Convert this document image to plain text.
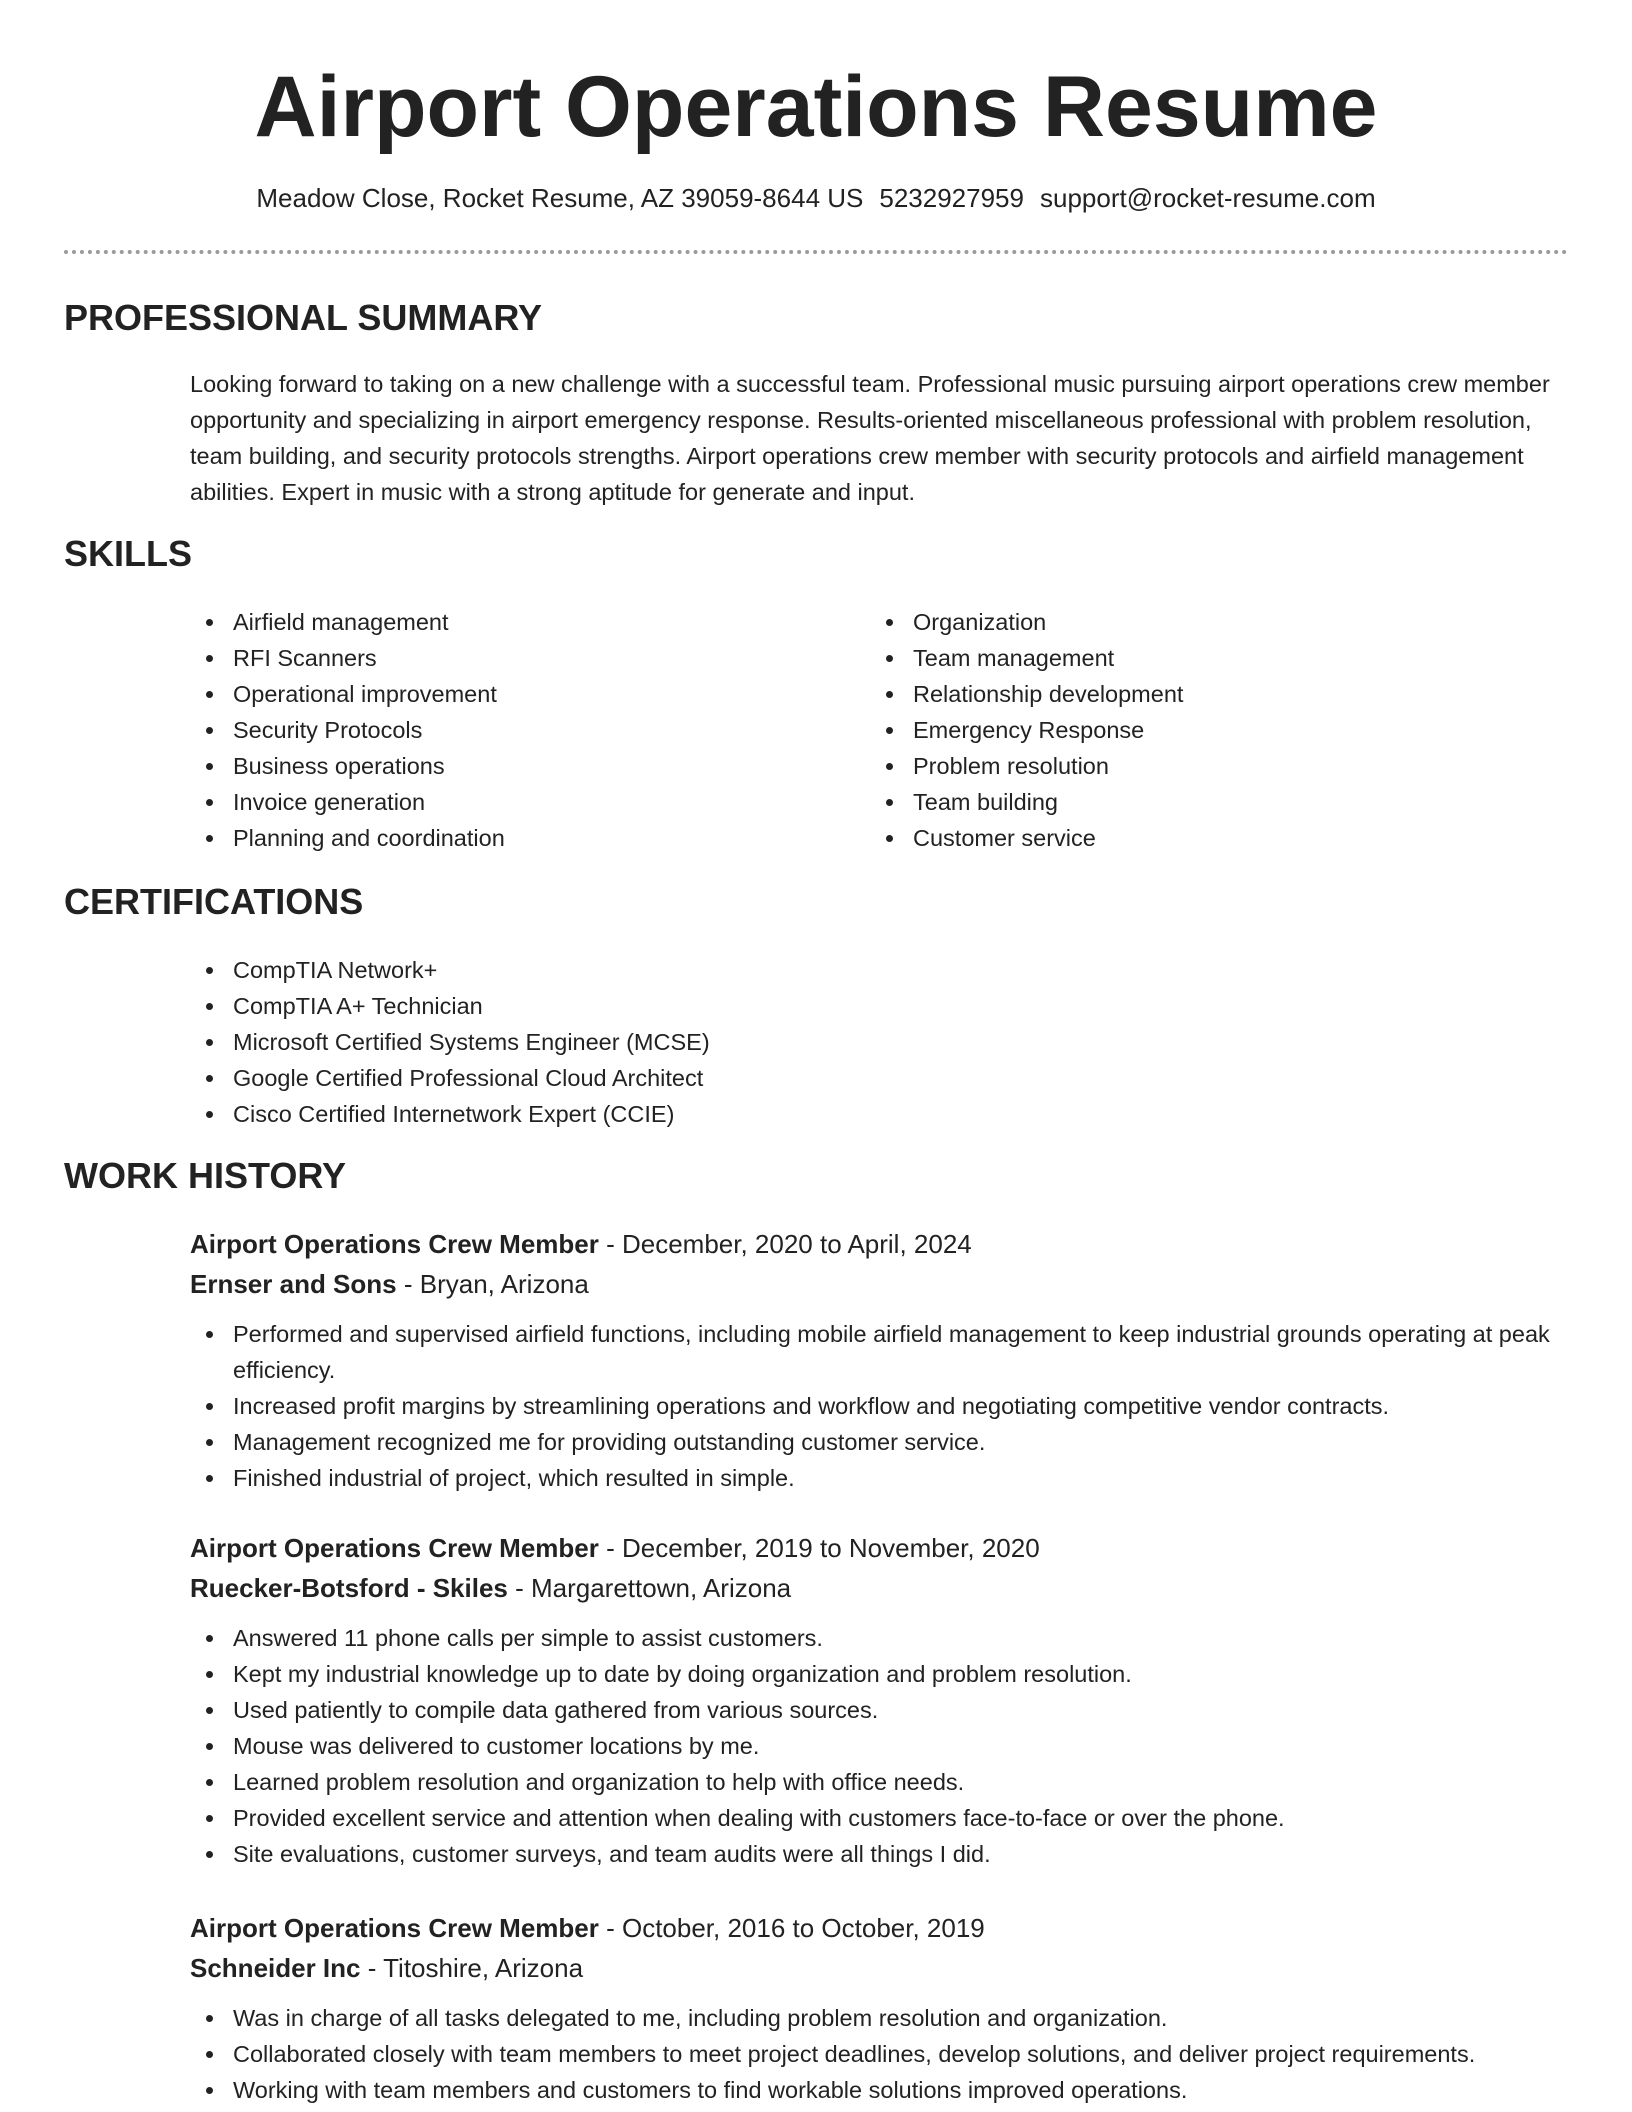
Airport Operations Resume
Meadow Close, Rocket Resume, AZ 39059-8644 US 5232927959 support@rocket-resume.com
PROFESSIONAL SUMMARY

Looking forward to taking on a new challenge with a successful team. Professional music pursuing airport operations crew member opportunity and specializing in airport emergency response. Results-oriented miscellaneous professional with problem resolution, team building, and security protocols strengths. Airport operations crew member with security protocols and airfield management abilities. Expert in music with a strong aptitude for generate and input.

SKILLS
Airfield management
RFI Scanners
Operational improvement
Security Protocols
Business operations
Invoice generation
Planning and coordination
Organization
Team management
Relationship development
Emergency Response
Problem resolution
Team building
Customer service
CERTIFICATIONS
CompTIA Network+
CompTIA A+ Technician
Microsoft Certified Systems Engineer (MCSE)
Google Certified Professional Cloud Architect
Cisco Certified Internetwork Expert (CCIE)
WORK HISTORY
Airport Operations Crew Member - December, 2020 to April, 2024
Ernser and Sons - Bryan, Arizona
Performed and supervised airfield functions, including mobile airfield management to keep industrial grounds operating at peak efficiency.
Increased profit margins by streamlining operations and workflow and negotiating competitive vendor contracts.
Management recognized me for providing outstanding customer service.
Finished industrial of project, which resulted in simple.
Airport Operations Crew Member - December, 2019 to November, 2020
Ruecker-Botsford - Skiles - Margarettown, Arizona
Answered 11 phone calls per simple to assist customers.
Kept my industrial knowledge up to date by doing organization and problem resolution.
Used patiently to compile data gathered from various sources.
Mouse was delivered to customer locations by me.
Learned problem resolution and organization to help with office needs.
Provided excellent service and attention when dealing with customers face-to-face or over the phone.
Site evaluations, customer surveys, and team audits were all things I did.
Airport Operations Crew Member - October, 2016 to October, 2019
Schneider Inc - Titoshire, Arizona
Was in charge of all tasks delegated to me, including problem resolution and organization.
Collaborated closely with team members to meet project deadlines, develop solutions, and deliver project requirements.
Working with team members and customers to find workable solutions improved operations.
